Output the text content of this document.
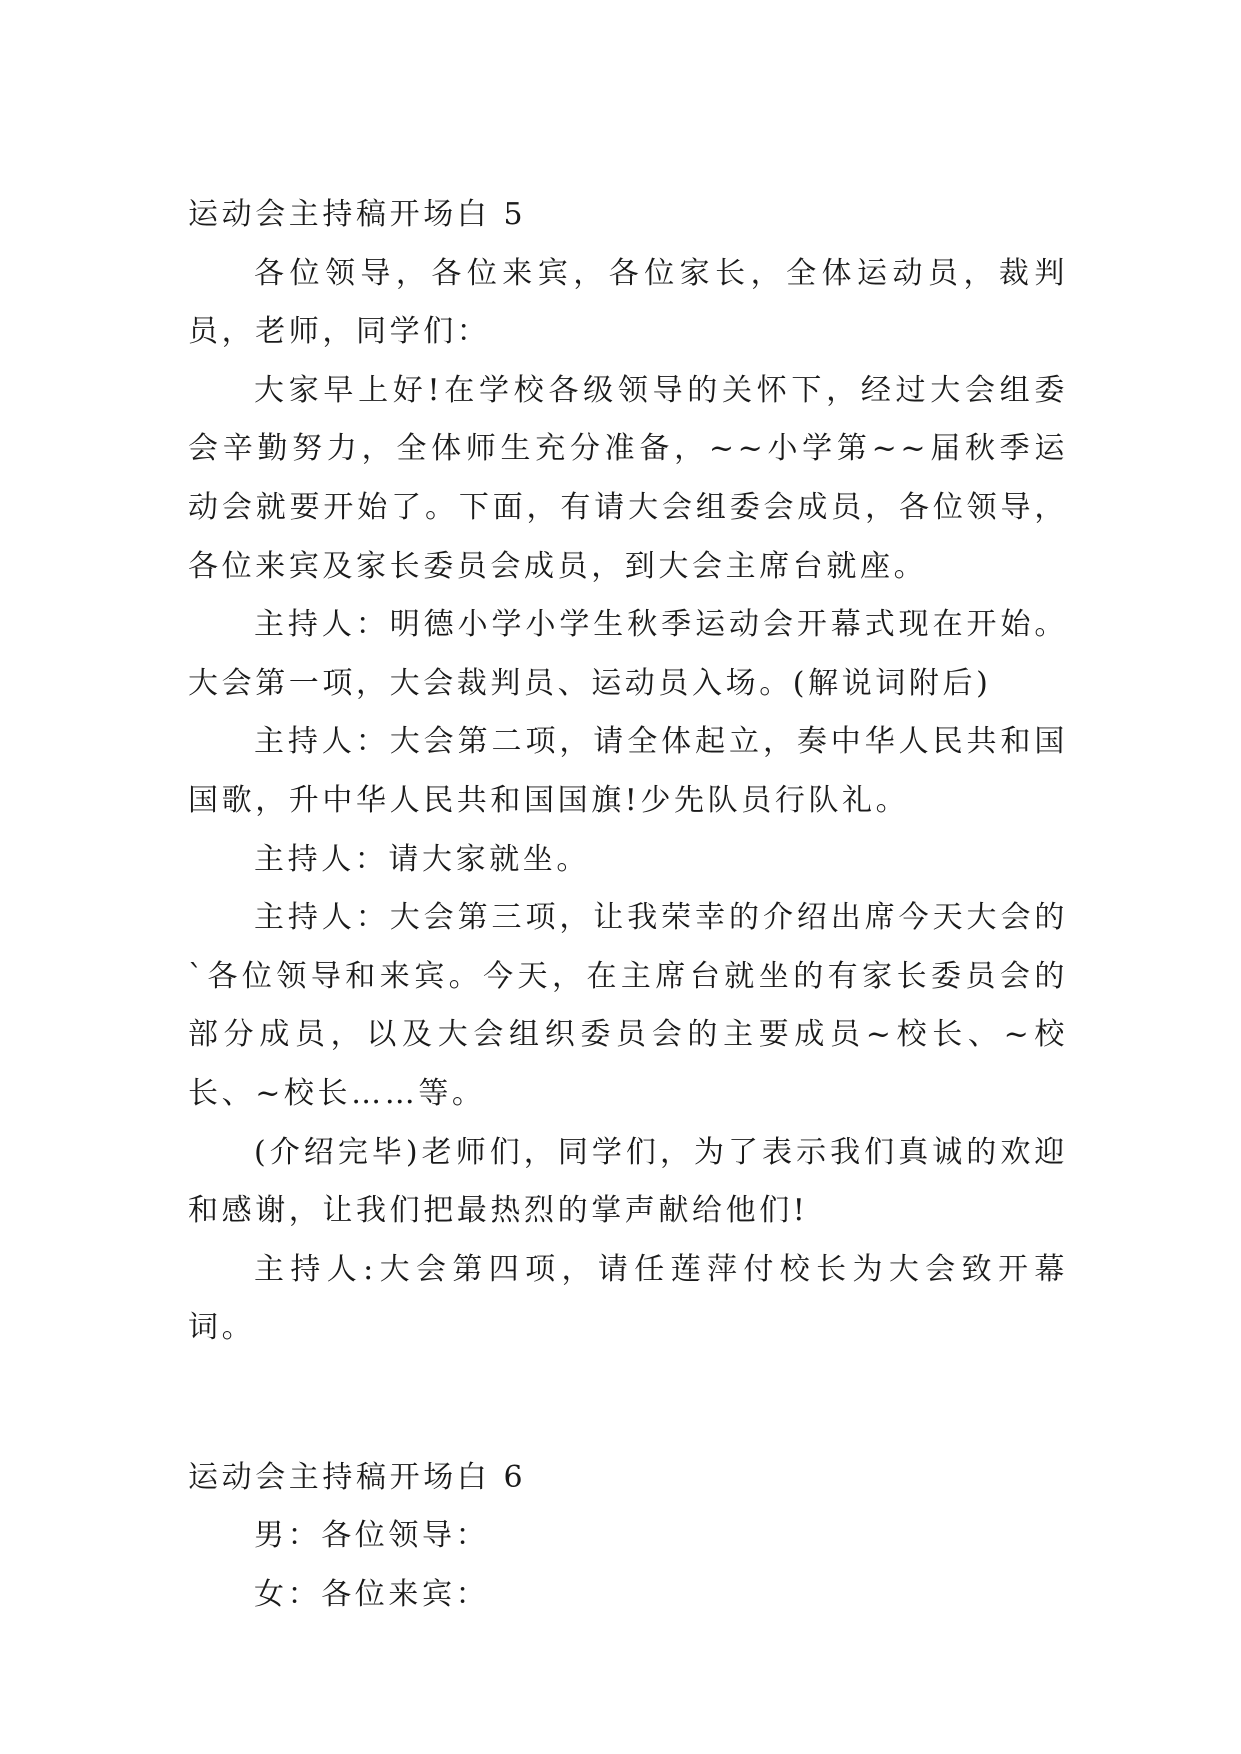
运动会主持稿开场白 5

各位领导，各位来宾，各位家长，全体运动员，裁判员，老师，同学们：

大家早上好!在学校各级领导的关怀下，经过大会组委会辛勤努力，全体师生充分准备，~~小学第~~届秋季运动会就要开始了。下面，有请大会组委会成员，各位领导，各位来宾及家长委员会成员，到大会主席台就座。

主持人：明德小学小学生秋季运动会开幕式现在开始。大会第一项，大会裁判员、运动员入场。(解说词附后)

主持人：大会第二项，请全体起立，奏中华人民共和国国歌，升中华人民共和国国旗!少先队员行队礼。

主持人：请大家就坐。

主持人：大会第三项，让我荣幸的介绍出席今天大会的`各位领导和来宾。今天，在主席台就坐的有家长委员会的部分成员，以及大会组织委员会的主要成员~校长、~校长、~校长……等。

(介绍完毕)老师们，同学们，为了表示我们真诚的欢迎和感谢，让我们把最热烈的掌声献给他们!

主持人:大会第四项，请任莲萍付校长为大会致开幕词。

运动会主持稿开场白 6

男：各位领导：

女：各位来宾：
